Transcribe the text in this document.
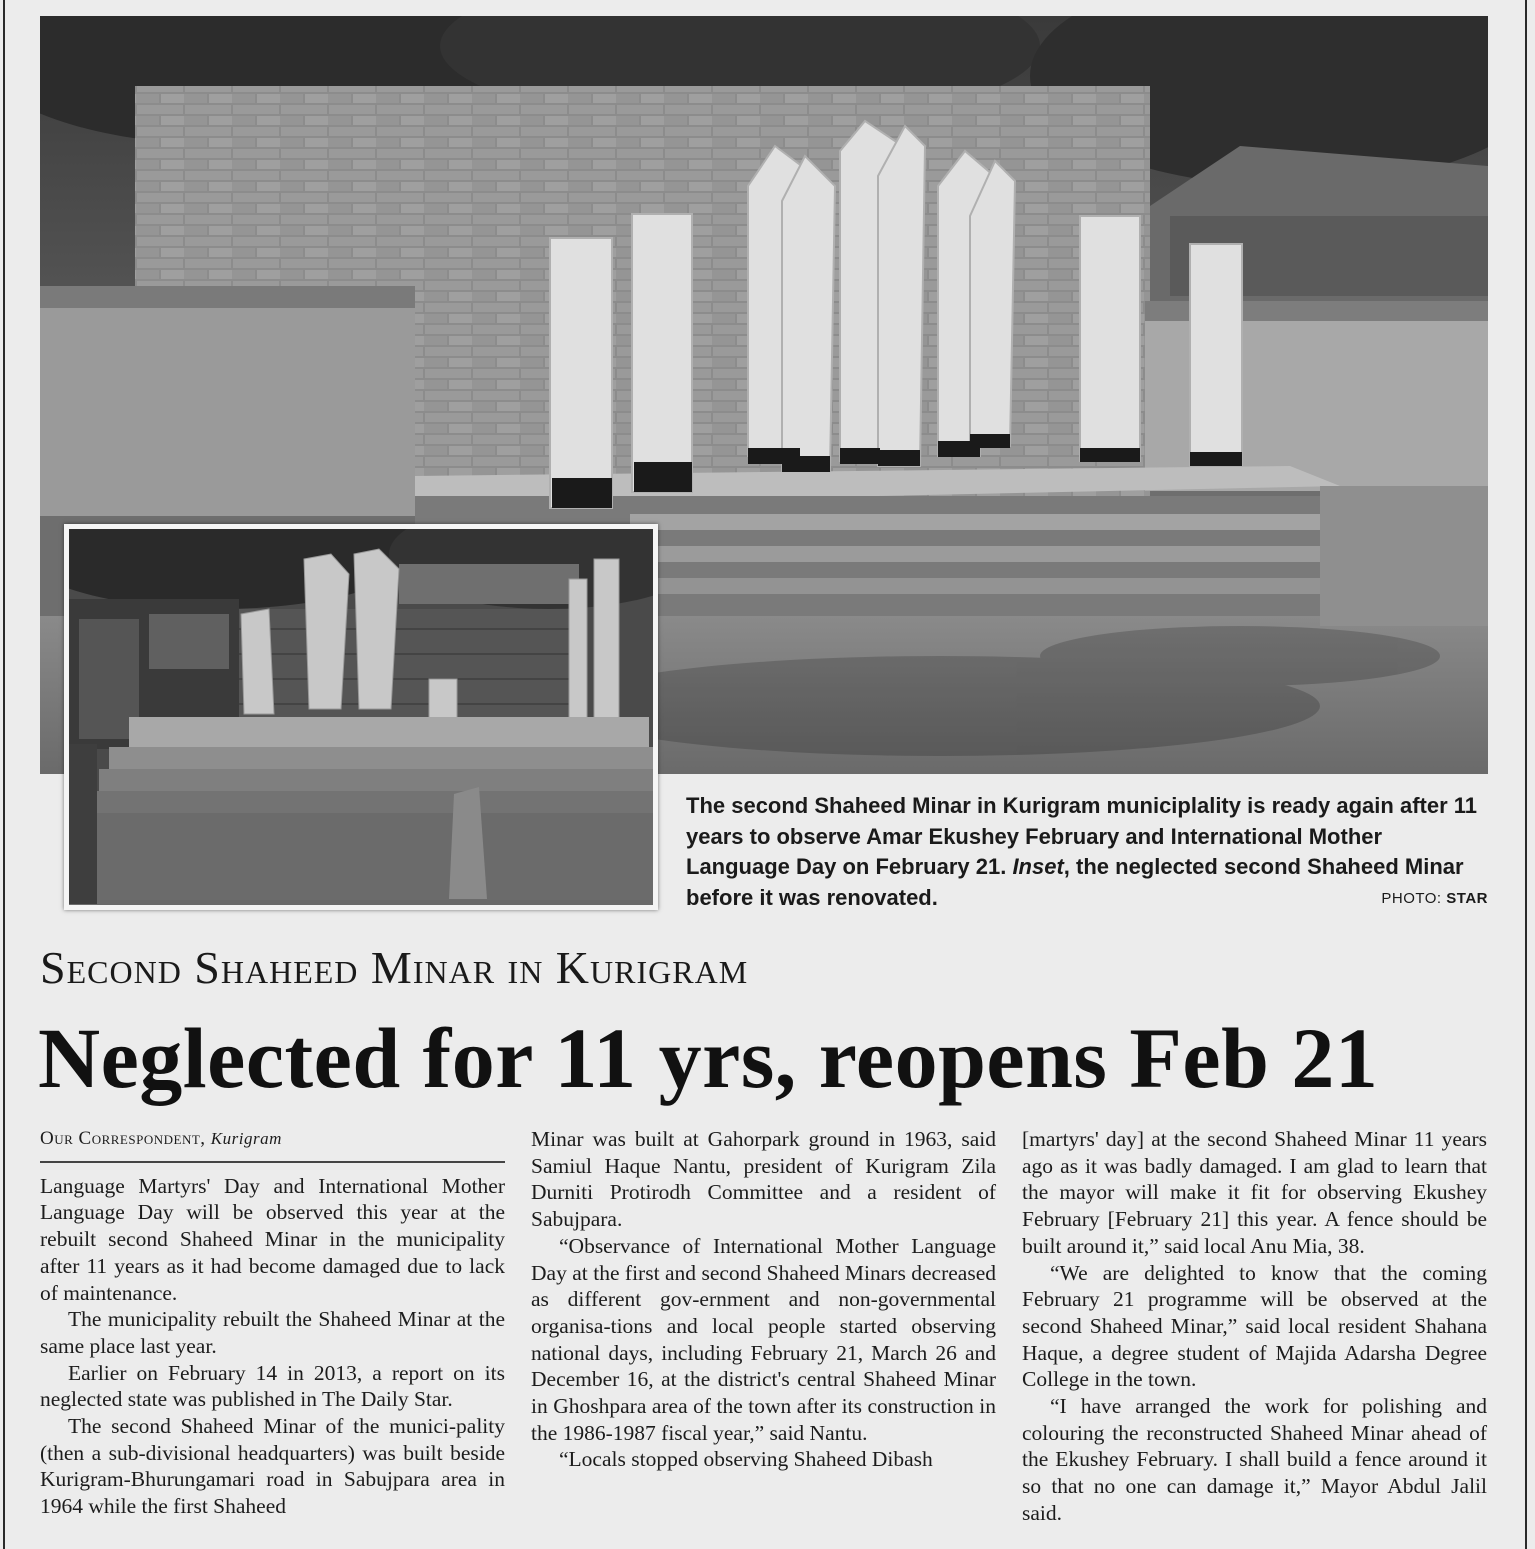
The second Shaheed Minar in Kurigram municiplality is ready again after 11 years to observe Amar Ekushey February and International Mother Language Day on February 21. Inset, the neglected second Shaheed Minar before it was renovated.	PHOTO: STAR
Second Shaheed Minar in Kurigram
Neglected for 11 yrs, reopens Feb 21
Our Correspondent, Kurigram

Language Martyrs' Day and International Mother Language Day will be observed this year at the rebuilt second Shaheed Minar in the municipality after 11 years as it had become damaged due to lack of maintenance.

The municipality rebuilt the Shaheed Minar at the same place last year.

Earlier on February 14 in 2013, a report on its neglected state was published in The Daily Star.

The second Shaheed Minar of the munici-pality (then a sub-divisional headquarters) was built beside Kurigram-Bhurungamari road in Sabujpara area in 1964 while the first Shaheed

Minar was built at Gahorpark ground in 1963, said Samiul Haque Nantu, president of Kurigram Zila Durniti Protirodh Committee and a resident of Sabujpara.

“Observance of International Mother Language Day at the first and second Shaheed Minars decreased as different gov-ernment and non-governmental organisa-tions and local people started observing national days, including February 21, March 26 and December 16, at the district's central Shaheed Minar in Ghoshpara area of the town after its construction in the 1986-1987 fiscal year,” said Nantu.

“Locals stopped observing Shaheed Dibash

[martyrs' day] at the second Shaheed Minar 11 years ago as it was badly damaged. I am glad to learn that the mayor will make it fit for observing Ekushey February [February 21] this year. A fence should be built around it,” said local Anu Mia, 38.

“We are delighted to know that the coming February 21 programme will be observed at the second Shaheed Minar,” said local resident Shahana Haque, a degree student of Majida Adarsha Degree College in the town.

“I have arranged the work for polishing and colouring the reconstructed Shaheed Minar ahead of the Ekushey February. I shall build a fence around it so that no one can damage it,” Mayor Abdul Jalil said.
